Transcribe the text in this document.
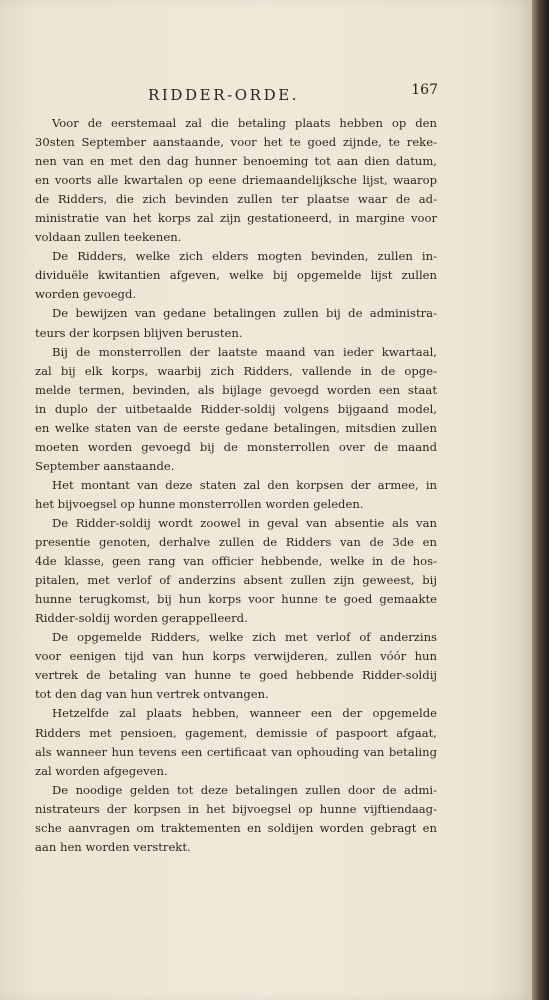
RIDDER-ORDE.	167
Voor de eerstemaal zal die betaling plaats hebben op den
30sten September aanstaande, voor het te goed zijnde, te reke-
nen van en met den dag hunner benoeming tot aan dien datum,
en voorts alle kwartalen op eene driemaandelijksche lijst, waarop
de Ridders, die zich bevinden zullen ter plaatse waar de ad-
ministratie van het korps zal zijn gestationeerd, in margine voor
voldaan zullen teekenen.
De Ridders, welke zich elders mogten bevinden, zullen in-
dividuële kwitantien afgeven, welke bij opgemelde lijst zullen
worden gevoegd.
De bewijzen van gedane betalingen zullen bij de administra-
teurs der korpsen blijven berusten.
Bij de monsterrollen der laatste maand van ieder kwartaal,
zal bij elk korps, waarbij zich Ridders, vallende in de opge-
melde termen, bevinden, als bijlage gevoegd worden een staat
in duplo der uitbetaalde Ridder-soldij volgens bijgaand model,
en welke staten van de eerste gedane betalingen, mitsdien zullen
moeten worden gevoegd bij de monsterrollen over de maand
September aanstaande.
Het montant van deze staten zal den korpsen der armee, in
het bijvoegsel op hunne monsterrollen worden geleden.
De Ridder-soldij wordt zoowel in geval van absentie als van
presentie genoten, derhalve zullen de Ridders van de 3de en
4de klasse, geen rang van officier hebbende, welke in de hos-
pitalen, met verlof of anderzins absent zullen zijn geweest, bij
hunne terugkomst, bij hun korps voor hunne te goed gemaakte
Ridder-soldij worden gerappelleerd.
De opgemelde Ridders, welke zich met verlof of anderzins
voor eenigen tijd van hun korps verwijderen, zullen vóór hun
vertrek de betaling van hunne te goed hebbende Ridder-soldij
tot den dag van hun vertrek ontvangen.
Hetzelfde zal plaats hebben, wanneer een der opgemelde
Ridders met pensioen, gagement, demissie of paspoort afgaat,
als wanneer hun tevens een certificaat van ophouding van betaling
zal worden afgegeven.
De noodige gelden tot deze betalingen zullen door de admi-
nistrateurs der korpsen in het bijvoegsel op hunne vijftiendaag-
sche aanvragen om traktementen en soldijen worden gebragt en
aan hen worden verstrekt.
